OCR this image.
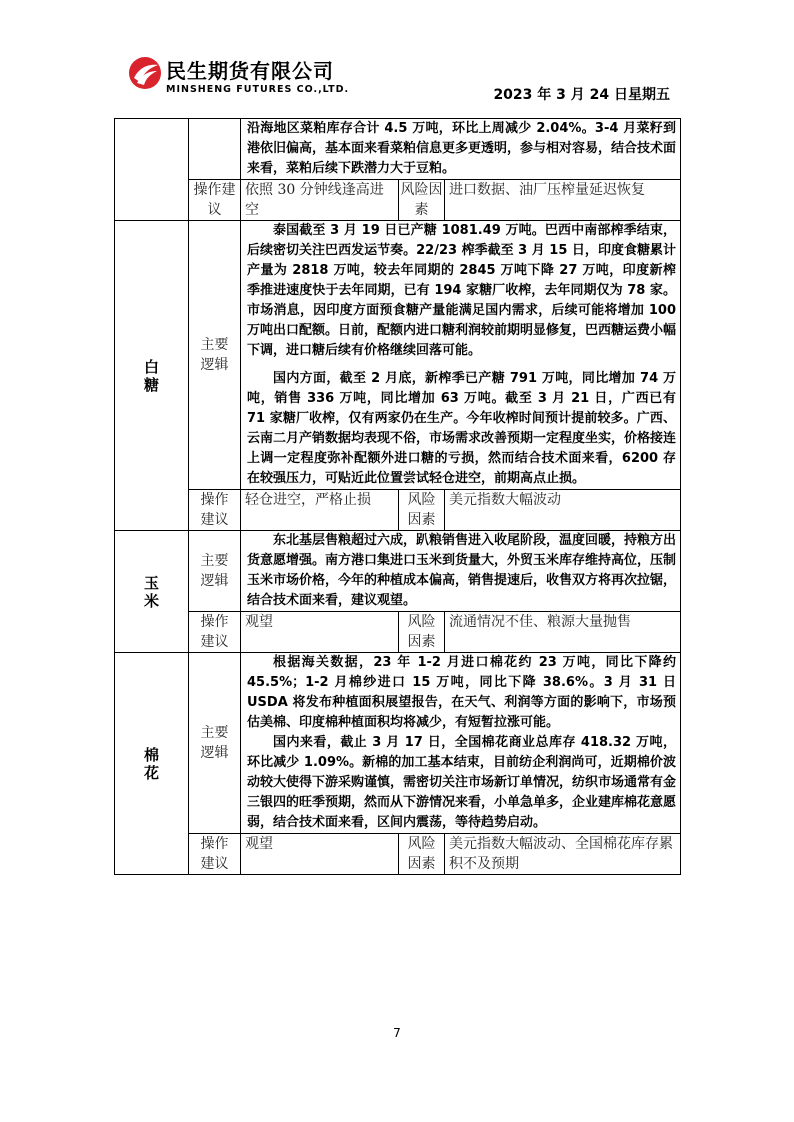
民生期货有限公司
MINSHENG FUTURES CO.,LTD.	2023 年 3 月 24 日星期五

		沿海地区菜粕库存合计 4.5 万吨，环比上周减少 2.04%。3-4 月菜籽到港依旧偏高，基本面来看菜粕信息更多更透明，参与相对容易，结合技术面来看，菜粕后续下跌潜力大于豆粕。		

	操作建议	依照 30 分钟线逢高进空	风险因素	进口数据、油厂压榨量延迟恢复
白糖	主要逻辑	泰国截至 3 月 19 日已产糖 1081.49 万吨。巴西中南部榨季结束，后续密切关注巴西发运节奏。22/23 榨季截至 3 月 15 日，印度食糖累计产量为 2818 万吨，较去年同期的 2845 万吨下降 27 万吨，印度新榨季推进速度快于去年同期，已有 194 家糖厂收榨，去年同期仅为 78 家。市场消息，因印度方面预食糖产量能满足国内需求，后续可能将增加 100 万吨出口配额。日前，配额内进口糖利润较前期明显修复，巴西糖运费小幅下调，进口糖后续有价格继续回落可能。

国内方面，截至 2 月底，新榨季已产糖 791 万吨，同比增加 74 万吨，销售 336 万吨，同比增加 63 万吨。截至 3 月 21 日，广西已有 71 家糖厂收榨，仅有两家仍在生产。今年收榨时间预计提前较多。广西、云南二月产销数据均表现不俗，市场需求改善预期一定程度坐实，价格接连上调一定程度弥补配额外进口糖的亏损，然而结合技术面来看，6200 存在较强压力，可贴近此位置尝试轻仓进空，前期高点止损。		

	操作建议	轻仓进空，严格止损	风险因素	美元指数大幅波动
玉米	主要逻辑	东北基层售粮超过六成，趴粮销售进入收尾阶段，温度回暖，持粮方出货意愿增强。南方港口集进口玉米到货量大，外贸玉米库存维持高位，压制玉米市场价格，今年的种植成本偏高，销售提速后，收售双方将再次拉锯，结合技术面来看，建议观望。		

	操作建议	观望	风险因素	流通情况不佳、粮源大量抛售
棉花	主要逻辑	根据海关数据，23 年 1-2 月进口棉花约 23 万吨，同比下降约 45.5%；1-2 月棉纱进口 15 万吨，同比下降 38.6%。3 月 31 日 USDA 将发布种植面积展望报告，在天气、利润等方面的影响下，市场预估美棉、印度棉种植面积均将减少，有短暂拉涨可能。

国内来看，截止 3 月 17 日，全国棉花商业总库存 418.32 万吨，环比减少 1.09%。新棉的加工基本结束，目前纺企利润尚可，近期棉价波动较大使得下游采购谨慎，需密切关注市场新订单情况，纺织市场通常有金三银四的旺季预期，然而从下游情况来看，小单急单多，企业建库棉花意愿弱，结合技术面来看，区间内震荡，等待趋势启动。		

	操作建议	观望	风险因素	美元指数大幅波动、全国棉花库存累积不及预期
7
